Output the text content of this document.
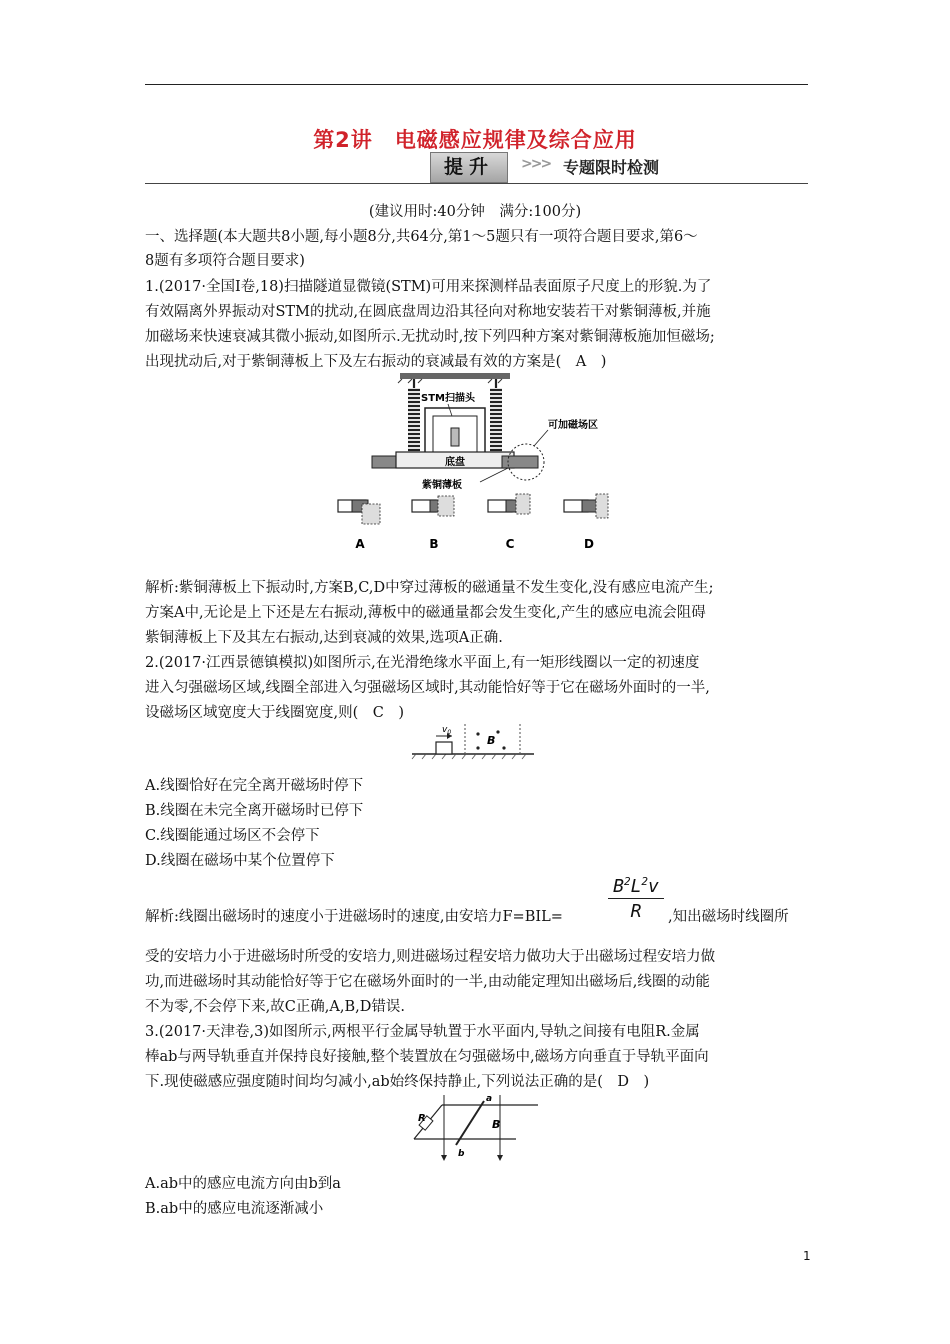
第2讲 电磁感应规律及综合应用
提升	>>> 专题限时检测
(建议用时:40分钟　满分:100分)
一、选择题(本大题共8小题,每小题8分,共64分,第1～5题只有一项符合题目要求,第6～
8题有多项符合题目要求)
1.(2017·全国Ⅰ卷,18)扫描隧道显微镜(STM)可用来探测样品表面原子尺度上的形貌.为了
有效隔离外界振动对STM的扰动,在圆底盘周边沿其径向对称地安装若干对紫铜薄板,并施
加磁场来快速衰减其微小振动,如图所示.无扰动时,按下列四种方案对紫铜薄板施加恒磁场;
出现扰动后,对于紫铜薄板上下及左右振动的衰减最有效的方案是(　A　)
STM扫描头
底盘
可加磁场区
紫铜薄板
A	B	C	D
解析:紫铜薄板上下振动时,方案B,C,D中穿过薄板的磁通量不发生变化,没有感应电流产生;
方案A中,无论是上下还是左右振动,薄板中的磁通量都会发生变化,产生的感应电流会阻碍
紫铜薄板上下及其左右振动,达到衰减的效果,选项A正确.
2.(2017·江西景德镇模拟)如图所示,在光滑绝缘水平面上,有一矩形线圈以一定的初速度
进入匀强磁场区域,线圈全部进入匀强磁场区域时,其动能恰好等于它在磁场外面时的一半,
设磁场区域宽度大于线圈宽度,则(　C　)
$v_0$
B
A.线圈恰好在完全离开磁场时停下
B.线圈在未完全离开磁场时已停下
C.线圈能通过场区不会停下
D.线圈在磁场中某个位置停下
解析:线圈出磁场时的速度小于进磁场时的速度,由安培力F=BIL=
$B^2L^2v$
R	,知出磁场时线圈所
受的安培力小于进磁场时所受的安培力,则进磁场过程安培力做功大于出磁场过程安培力做
功,而进磁场时其动能恰好等于它在磁场外面时的一半,由动能定理知出磁场后,线圈的动能
不为零,不会停下来,故C正确,A,B,D错误.
3.(2017·天津卷,3)如图所示,两根平行金属导轨置于水平面内,导轨之间接有电阻R.金属
棒ab与两导轨垂直并保持良好接触,整个装置放在匀强磁场中,磁场方向垂直于导轨平面向
下.现使磁感应强度随时间均匀减小,ab始终保持静止,下列说法正确的是(　D　)
R
a
b
B
A.ab中的感应电流方向由b到a
B.ab中的感应电流逐渐减小
1
